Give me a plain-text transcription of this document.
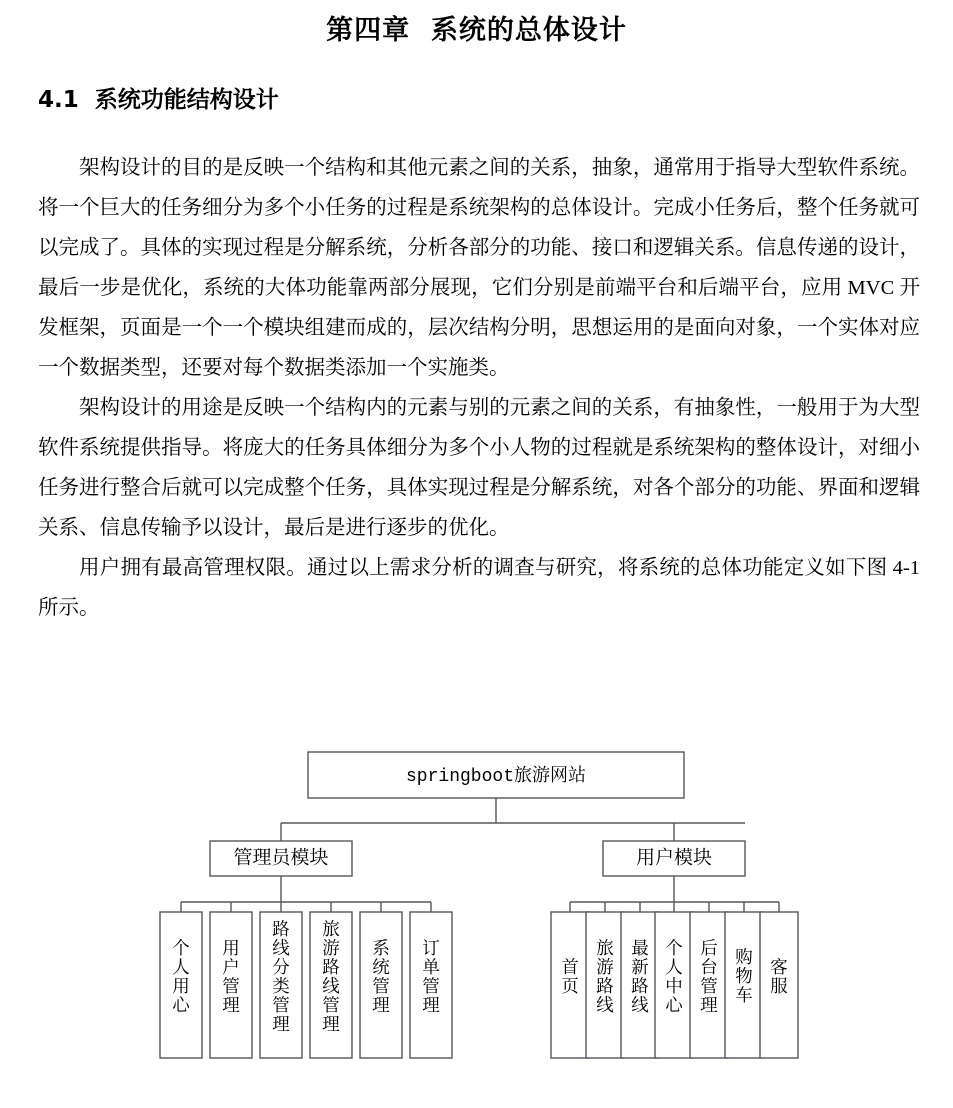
第四章  系统的总体设计
4.1  系统功能结构设计

架构设计的目的是反映一个结构和其他元素之间的关系，抽象，通常用于指导大型软件系统。将一个巨大的任务细分为多个小任务的过程是系统架构的总体设计。完成小任务后，整个任务就可以完成了。具体的实现过程是分解系统，分析各部分的功能、接口和逻辑关系。信息传递的设计，最后一步是优化，系统的大体功能靠两部分展现，它们分别是前端平台和后端平台，应用 MVC 开发框架，页面是一个一个模块组建而成的，层次结构分明，思想运用的是面向对象，一个实体对应一个数据类型，还要对每个数据类添加一个实施类。

架构设计的用途是反映一个结构内的元素与别的元素之间的关系，有抽象性，一般用于为大型软件系统提供指导。将庞大的任务具体细分为多个小人物的过程就是系统架构的整体设计，对细小任务进行整合后就可以完成整个任务，具体实现过程是分解系统，对各个部分的功能、界面和逻辑关系、信息传输予以设计，最后是进行逐步的优化。

用户拥有最高管理权限。通过以上需求分析的调查与研究，将系统的总体功能定义如下图 4-1 所示。

springboot旅游网站
管理员模块	用户模块
个人用心
用户管理
路线分类管理
旅游路线管理
系统管理
订单管理
首页
旅游路线
最新路线
个人中心
后台管理
购物车
客服
